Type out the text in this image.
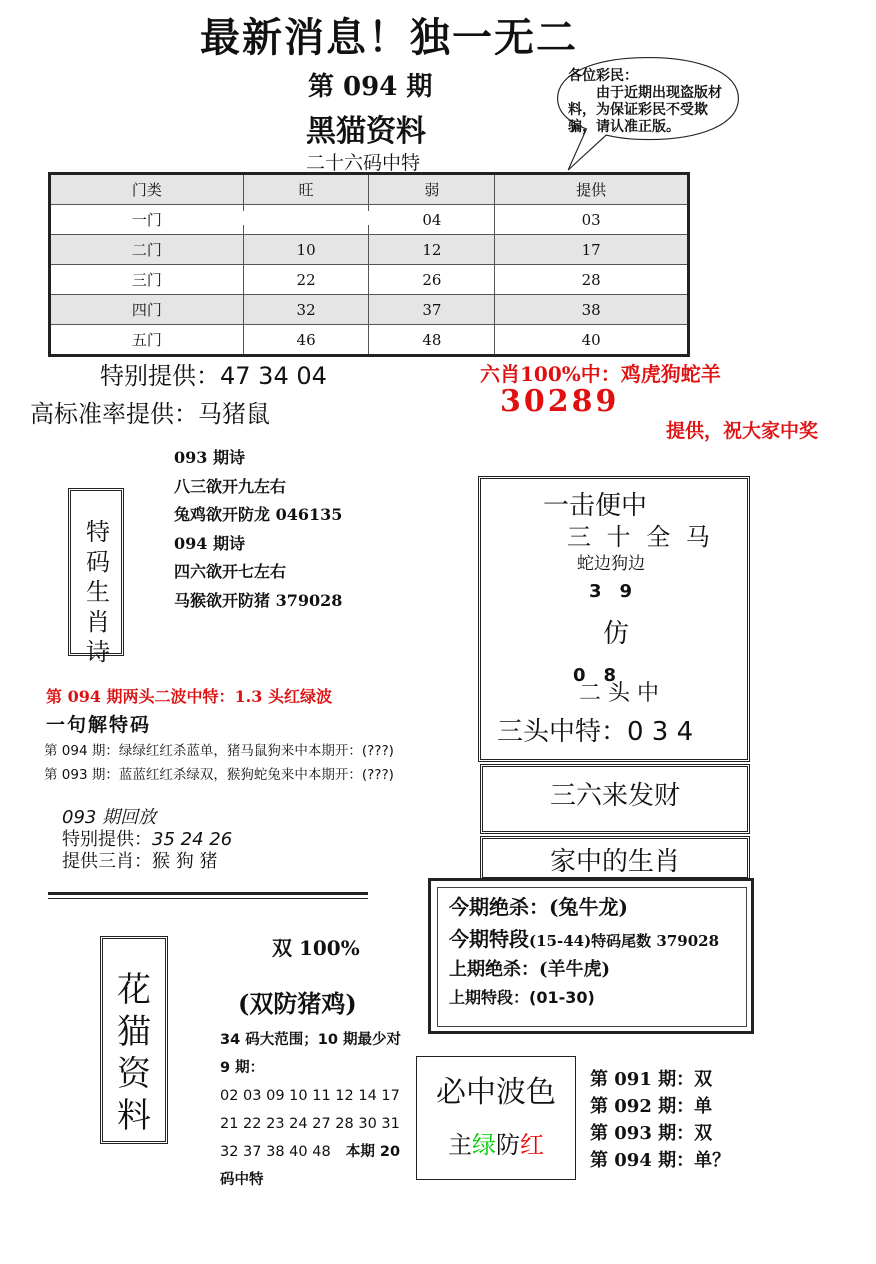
最新消息！独一无二
第 094 期
黑猫资料
二十六码中特
各位彩民：
由于近期出现盗版材料，为保证彩民不受欺骗，请认准正版。
门类	旺	弱	提供
一门		04	03
二门	10	12	17
三门	22	26	28
四门	32	37	38
五门	46	48	40
特别提供：47 34 04
高标准率提供：马猪鼠
六肖100%中：鸡虎狗蛇羊
30289
提供，祝大家中奖
特码生肖诗
093 期诗
八三欲开九左右
兔鸡欲开防龙 046135
094 期诗
四六欲开七左右
马猴欲开防猪 379028
第 094 期两头二波中特：1.3 头红绿波
一句解特码
第 094 期：绿绿红红杀蓝单，猪马鼠狗来中本期开：(???)
第 093 期：蓝蓝红红杀绿双，猴狗蛇兔来中本期开：(???)
093 期回放
特别提供：35 24 26
提供三肖：猴 狗 猪
一击便中
三 十 全 马
蛇边狗边
3　9
仿
0　8
二 头 中
三头中特：0 3 4
三六来发财
家中的生肖
今期绝杀：(兔牛龙)
今期特段(15-44)特码尾数 379028
上期绝杀：(羊牛虎)
上期特段：(01-30)
花猫资料
双 100%
(双防猪鸡)
34 码大范围；10 期最少对 9 期：
02 03 09 10 11 12 14 17
21 22 23 24 27 28 30 31
32 37 38 40 48 本期 20
码中特
必中波色
主绿防红
第 091 期：双
第 092 期：单
第 093 期：双
第 094 期：单？
